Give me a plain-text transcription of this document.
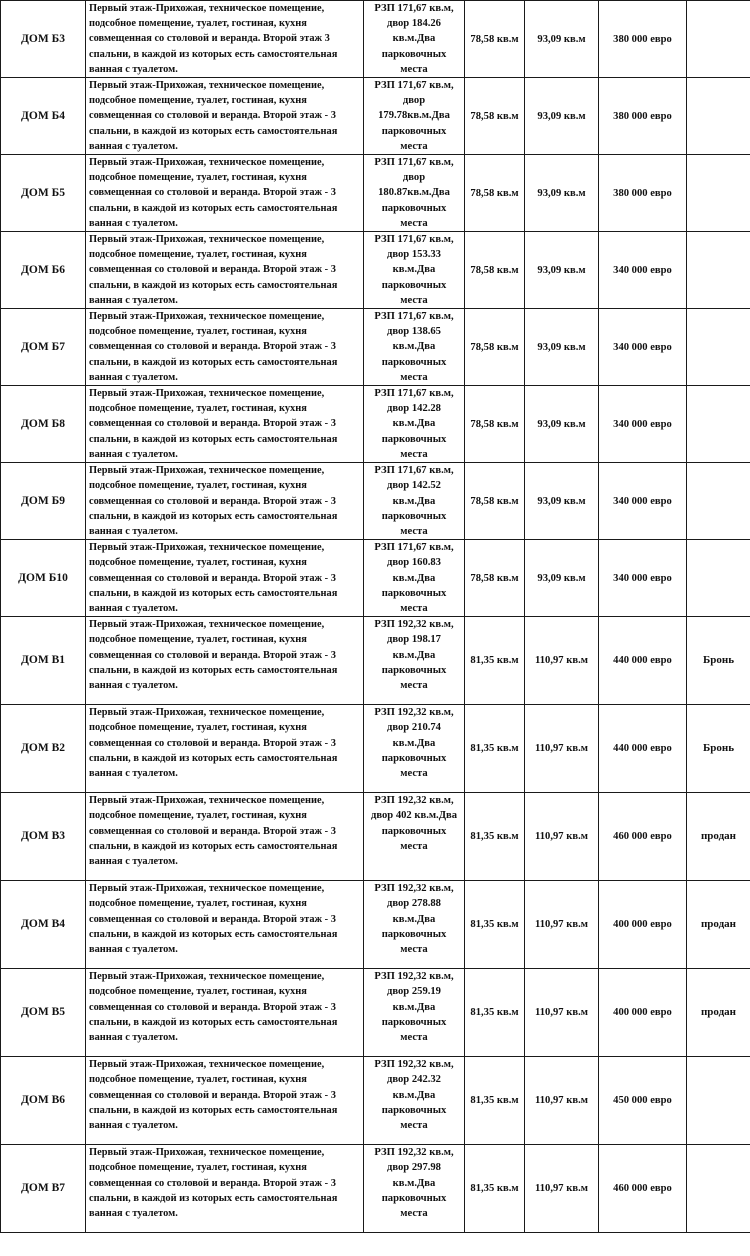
ДОМ Б3	Первый этаж-Прихожая, техническое помещение, подсобное помещение, туалет, гостиная, кухня совмещенная со столовой и веранда. Второй этаж 3 спальни, в каждой из которых есть самостоятельная ванная с туалетом.	РЗП 171,67 кв.м, двор 184.26 кв.м.Два парковочных места	78,58 кв.м	93,09 кв.м	380 000 евро	
ДОМ Б4	Первый этаж-Прихожая, техническое помещение, подсобное помещение, туалет, гостиная, кухня совмещенная со столовой и веранда. Второй этаж - 3 спальни, в каждой из которых есть самостоятельная ванная с туалетом.	РЗП 171,67 кв.м, двор 179.78кв.м.Два парковочных места	78,58 кв.м	93,09 кв.м	380 000 евро	
ДОМ Б5	Первый этаж-Прихожая, техническое помещение, подсобное помещение, туалет, гостиная, кухня совмещенная со столовой и веранда. Второй этаж - 3 спальни, в каждой из которых есть самостоятельная ванная с туалетом.	РЗП 171,67 кв.м, двор 180.87кв.м.Два парковочных места	78,58 кв.м	93,09 кв.м	380 000 евро	
ДОМ Б6	Первый этаж-Прихожая, техническое помещение, подсобное помещение, туалет, гостиная, кухня совмещенная со столовой и веранда. Второй этаж - 3 спальни, в каждой из которых есть самостоятельная ванная с туалетом.	РЗП 171,67 кв.м, двор 153.33 кв.м.Два парковочных места	78,58 кв.м	93,09 кв.м	340 000 евро	
ДОМ Б7	Первый этаж-Прихожая, техническое помещение, подсобное помещение, туалет, гостиная, кухня совмещенная со столовой и веранда. Второй этаж - 3 спальни, в каждой из которых есть самостоятельная ванная с туалетом.	РЗП 171,67 кв.м, двор 138.65 кв.м.Два парковочных места	78,58 кв.м	93,09 кв.м	340 000 евро	
ДОМ Б8	Первый этаж-Прихожая, техническое помещение, подсобное помещение, туалет, гостиная, кухня совмещенная со столовой и веранда. Второй этаж - 3 спальни, в каждой из которых есть самостоятельная ванная с туалетом.	РЗП 171,67 кв.м, двор 142.28 кв.м.Два парковочных места	78,58 кв.м	93,09 кв.м	340 000 евро	
ДОМ Б9	Первый этаж-Прихожая, техническое помещение, подсобное помещение, туалет, гостиная, кухня совмещенная со столовой и веранда. Второй этаж - 3 спальни, в каждой из которых есть самостоятельная ванная с туалетом.	РЗП 171,67 кв.м, двор 142.52 кв.м.Два парковочных места	78,58 кв.м	93,09 кв.м	340 000 евро	
ДОМ Б10	Первый этаж-Прихожая, техническое помещение, подсобное помещение, туалет, гостиная, кухня совмещенная со столовой и веранда. Второй этаж - 3 спальни, в каждой из которых есть самостоятельная ванная с туалетом.	РЗП 171,67 кв.м, двор 160.83 кв.м.Два парковочных места	78,58 кв.м	93,09 кв.м	340 000 евро	
ДОМ В1	Первый этаж-Прихожая, техническое помещение, подсобное помещение, туалет, гостиная, кухня совмещенная со столовой и веранда. Второй этаж - 3 спальни, в каждой из которых есть самостоятельная ванная с туалетом.	РЗП 192,32 кв.м, двор 198.17 кв.м.Два парковочных места	81,35 кв.м	110,97 кв.м	440 000 евро	Бронь
ДОМ В2	Первый этаж-Прихожая, техническое помещение, подсобное помещение, туалет, гостиная, кухня совмещенная со столовой и веранда. Второй этаж - 3 спальни, в каждой из которых есть самостоятельная ванная с туалетом.	РЗП 192,32 кв.м, двор 210.74 кв.м.Два парковочных места	81,35 кв.м	110,97 кв.м	440 000 евро	Бронь
ДОМ В3	Первый этаж-Прихожая, техническое помещение, подсобное помещение, туалет, гостиная, кухня совмещенная со столовой и веранда. Второй этаж - 3 спальни, в каждой из которых есть самостоятельная ванная с туалетом.	РЗП 192,32 кв.м, двор 402 кв.м.Два парковочных места	81,35 кв.м	110,97 кв.м	460 000 евро	продан
ДОМ В4	Первый этаж-Прихожая, техническое помещение, подсобное помещение, туалет, гостиная, кухня совмещенная со столовой и веранда. Второй этаж - 3 спальни, в каждой из которых есть самостоятельная ванная с туалетом.	РЗП 192,32 кв.м, двор 278.88 кв.м.Два парковочных места	81,35 кв.м	110,97 кв.м	400 000 евро	продан
ДОМ В5	Первый этаж-Прихожая, техническое помещение, подсобное помещение, туалет, гостиная, кухня совмещенная со столовой и веранда. Второй этаж - 3 спальни, в каждой из которых есть самостоятельная ванная с туалетом.	РЗП 192,32 кв.м, двор 259.19 кв.м.Два парковочных места	81,35 кв.м	110,97 кв.м	400 000 евро	продан
ДОМ В6	Первый этаж-Прихожая, техническое помещение, подсобное помещение, туалет, гостиная, кухня совмещенная со столовой и веранда. Второй этаж - 3 спальни, в каждой из которых есть самостоятельная ванная с туалетом.	РЗП 192,32 кв.м, двор 242.32 кв.м.Два парковочных места	81,35 кв.м	110,97 кв.м	450 000 евро	
ДОМ В7	Первый этаж-Прихожая, техническое помещение, подсобное помещение, туалет, гостиная, кухня совмещенная со столовой и веранда. Второй этаж - 3 спальни, в каждой из которых есть самостоятельная ванная с туалетом.	РЗП 192,32 кв.м, двор 297.98 кв.м.Два парковочных места	81,35 кв.м	110,97 кв.м	460 000 евро	
